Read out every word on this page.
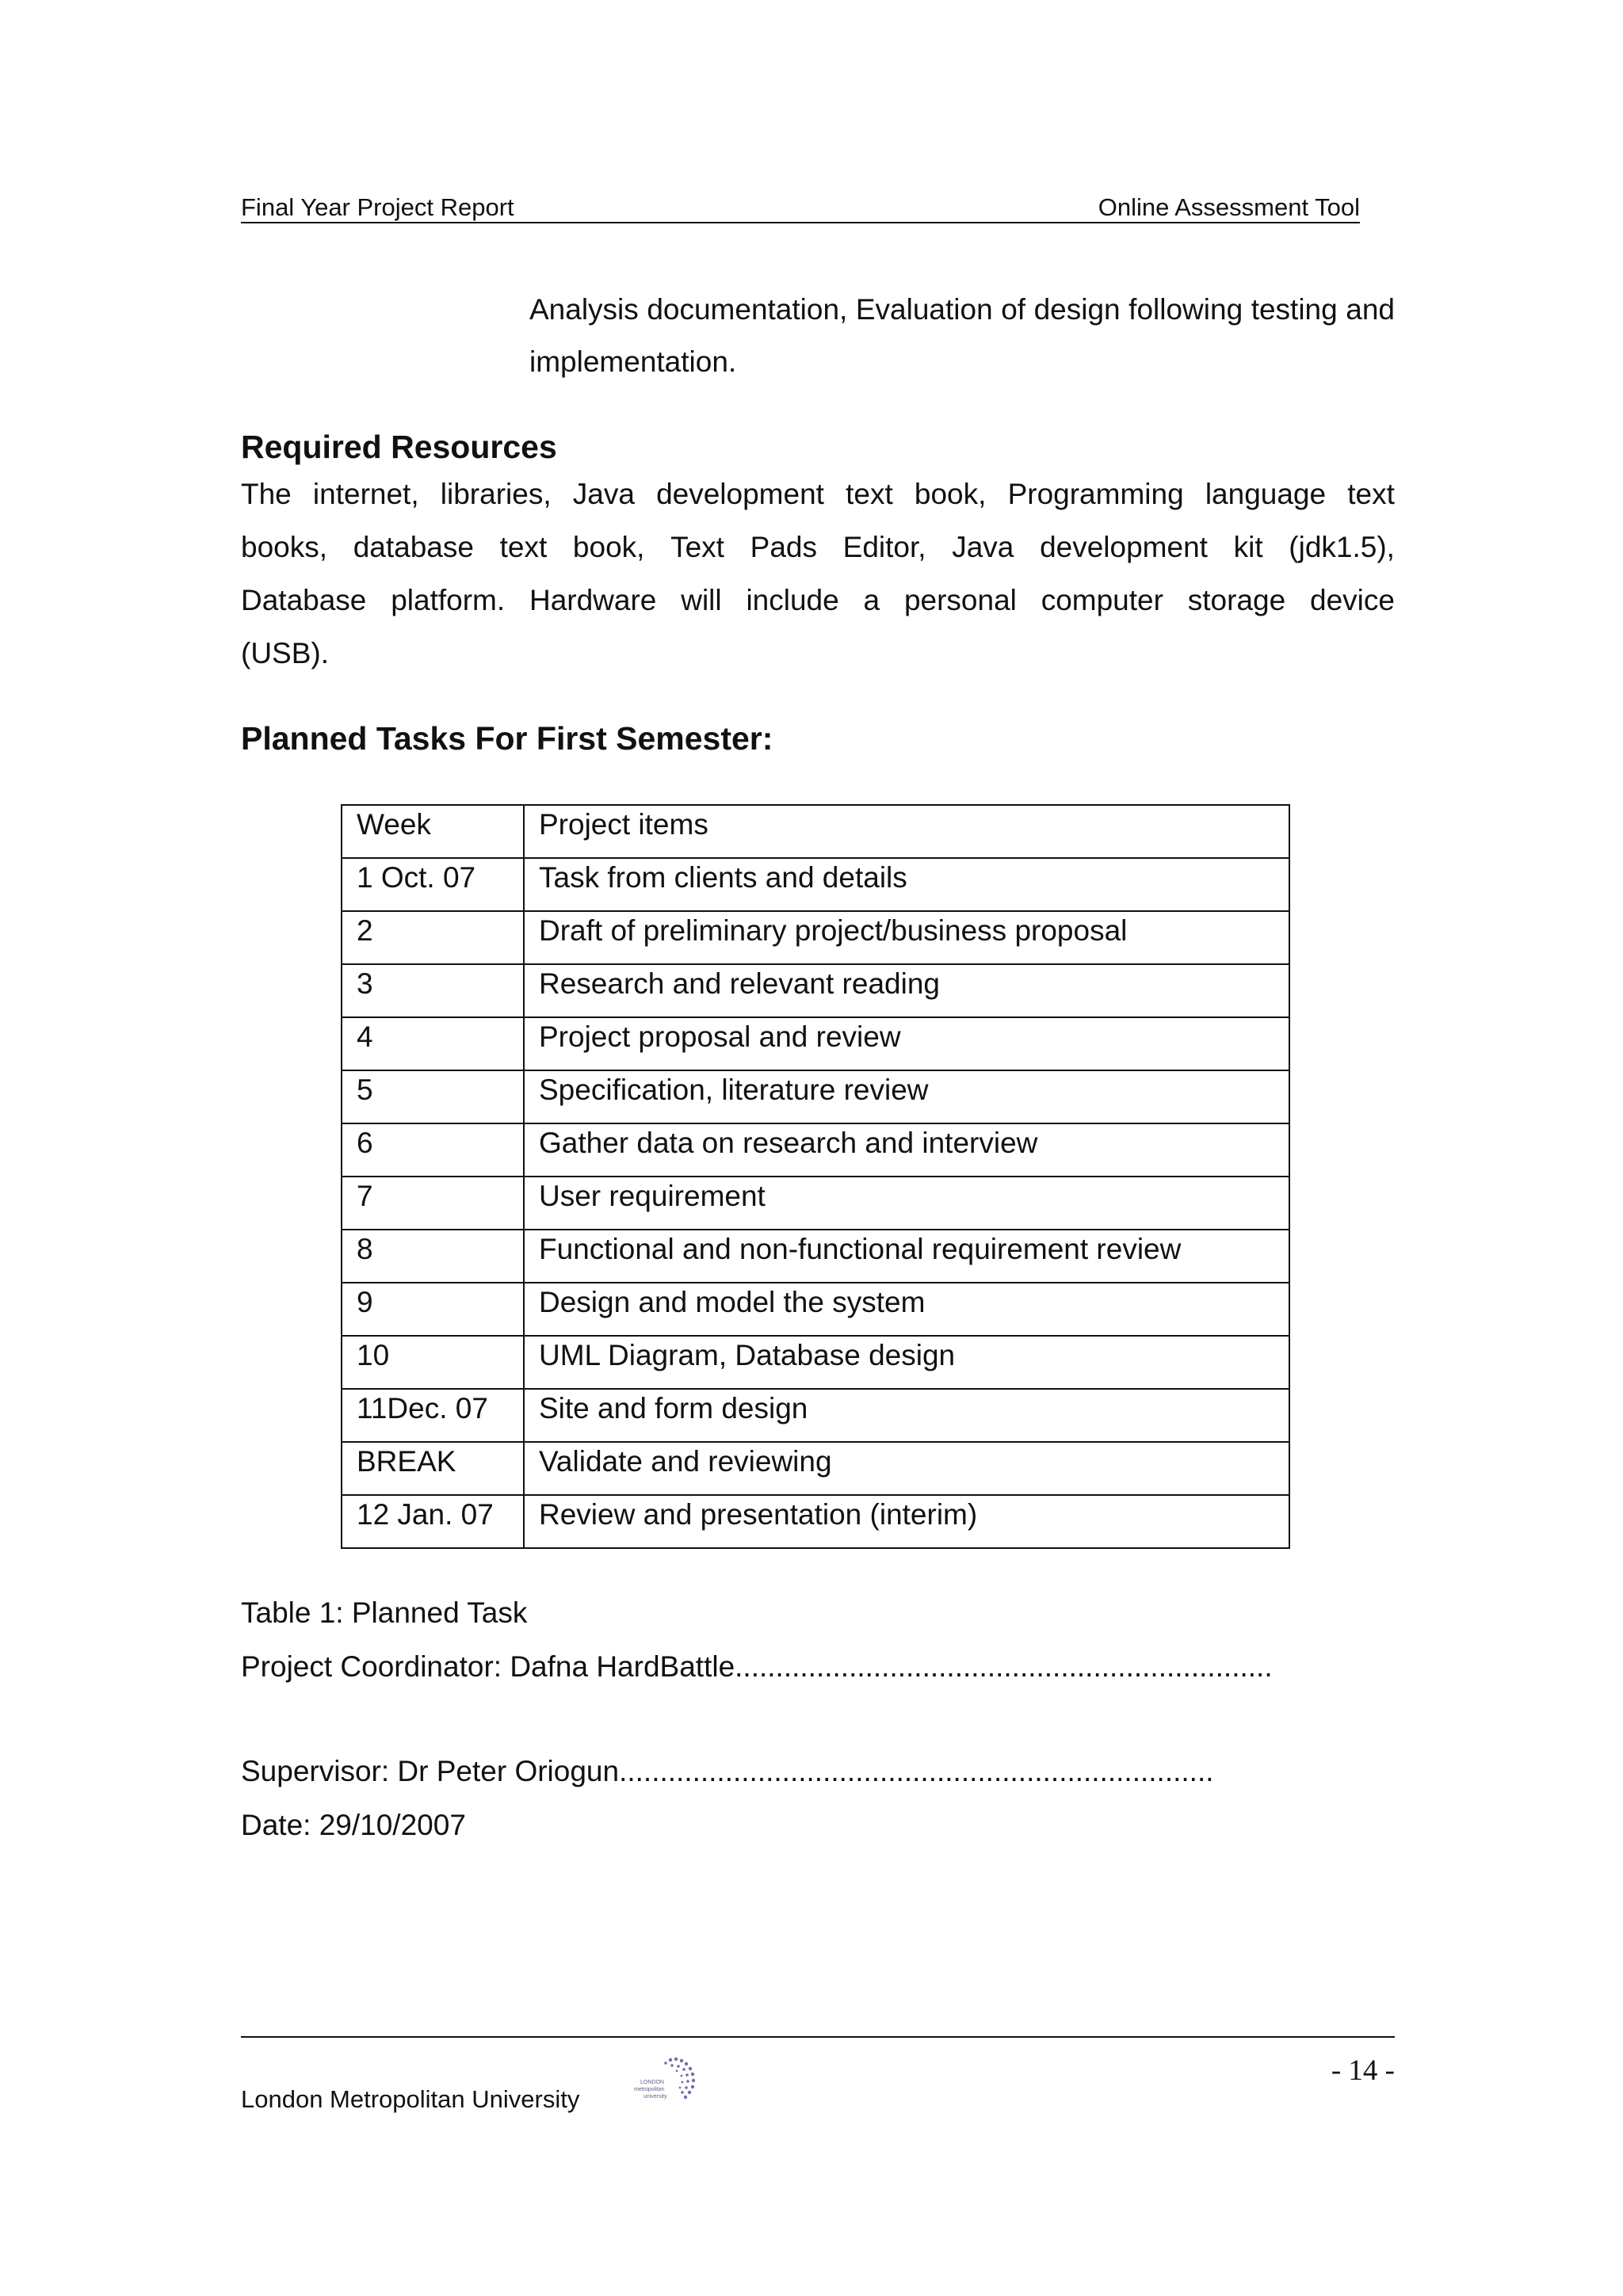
Final Year Project Report	Online Assessment Tool
Analysis documentation, Evaluation of design following testing and implementation.
Required Resources
The internet, libraries, Java development text book, Programming language text
books, database text book, Text Pads Editor, Java development kit (jdk1.5),
Database platform. Hardware will include a personal computer storage device
(USB).
Planned Tasks For First Semester:
Week	Project items
1 Oct. 07	Task from clients and details
2	Draft of preliminary project/business proposal
3	Research and relevant reading
4	Project proposal and review
5	Specification, literature review
6	Gather data on research and interview
7	User requirement
8	Functional and non-functional requirement review
9	Design and model the system
10	UML Diagram, Database design
11Dec. 07	Site and form design
BREAK	Validate and reviewing
12 Jan. 07	Review and presentation (interim)
Table 1: Planned Task
Project Coordinator: Dafna HardBattle..................................................................
Supervisor: Dr Peter Oriogun.........................................................................
Date: 29/10/2007
- 14 -
London Metropolitan University
LONDON
metropolitan
university
